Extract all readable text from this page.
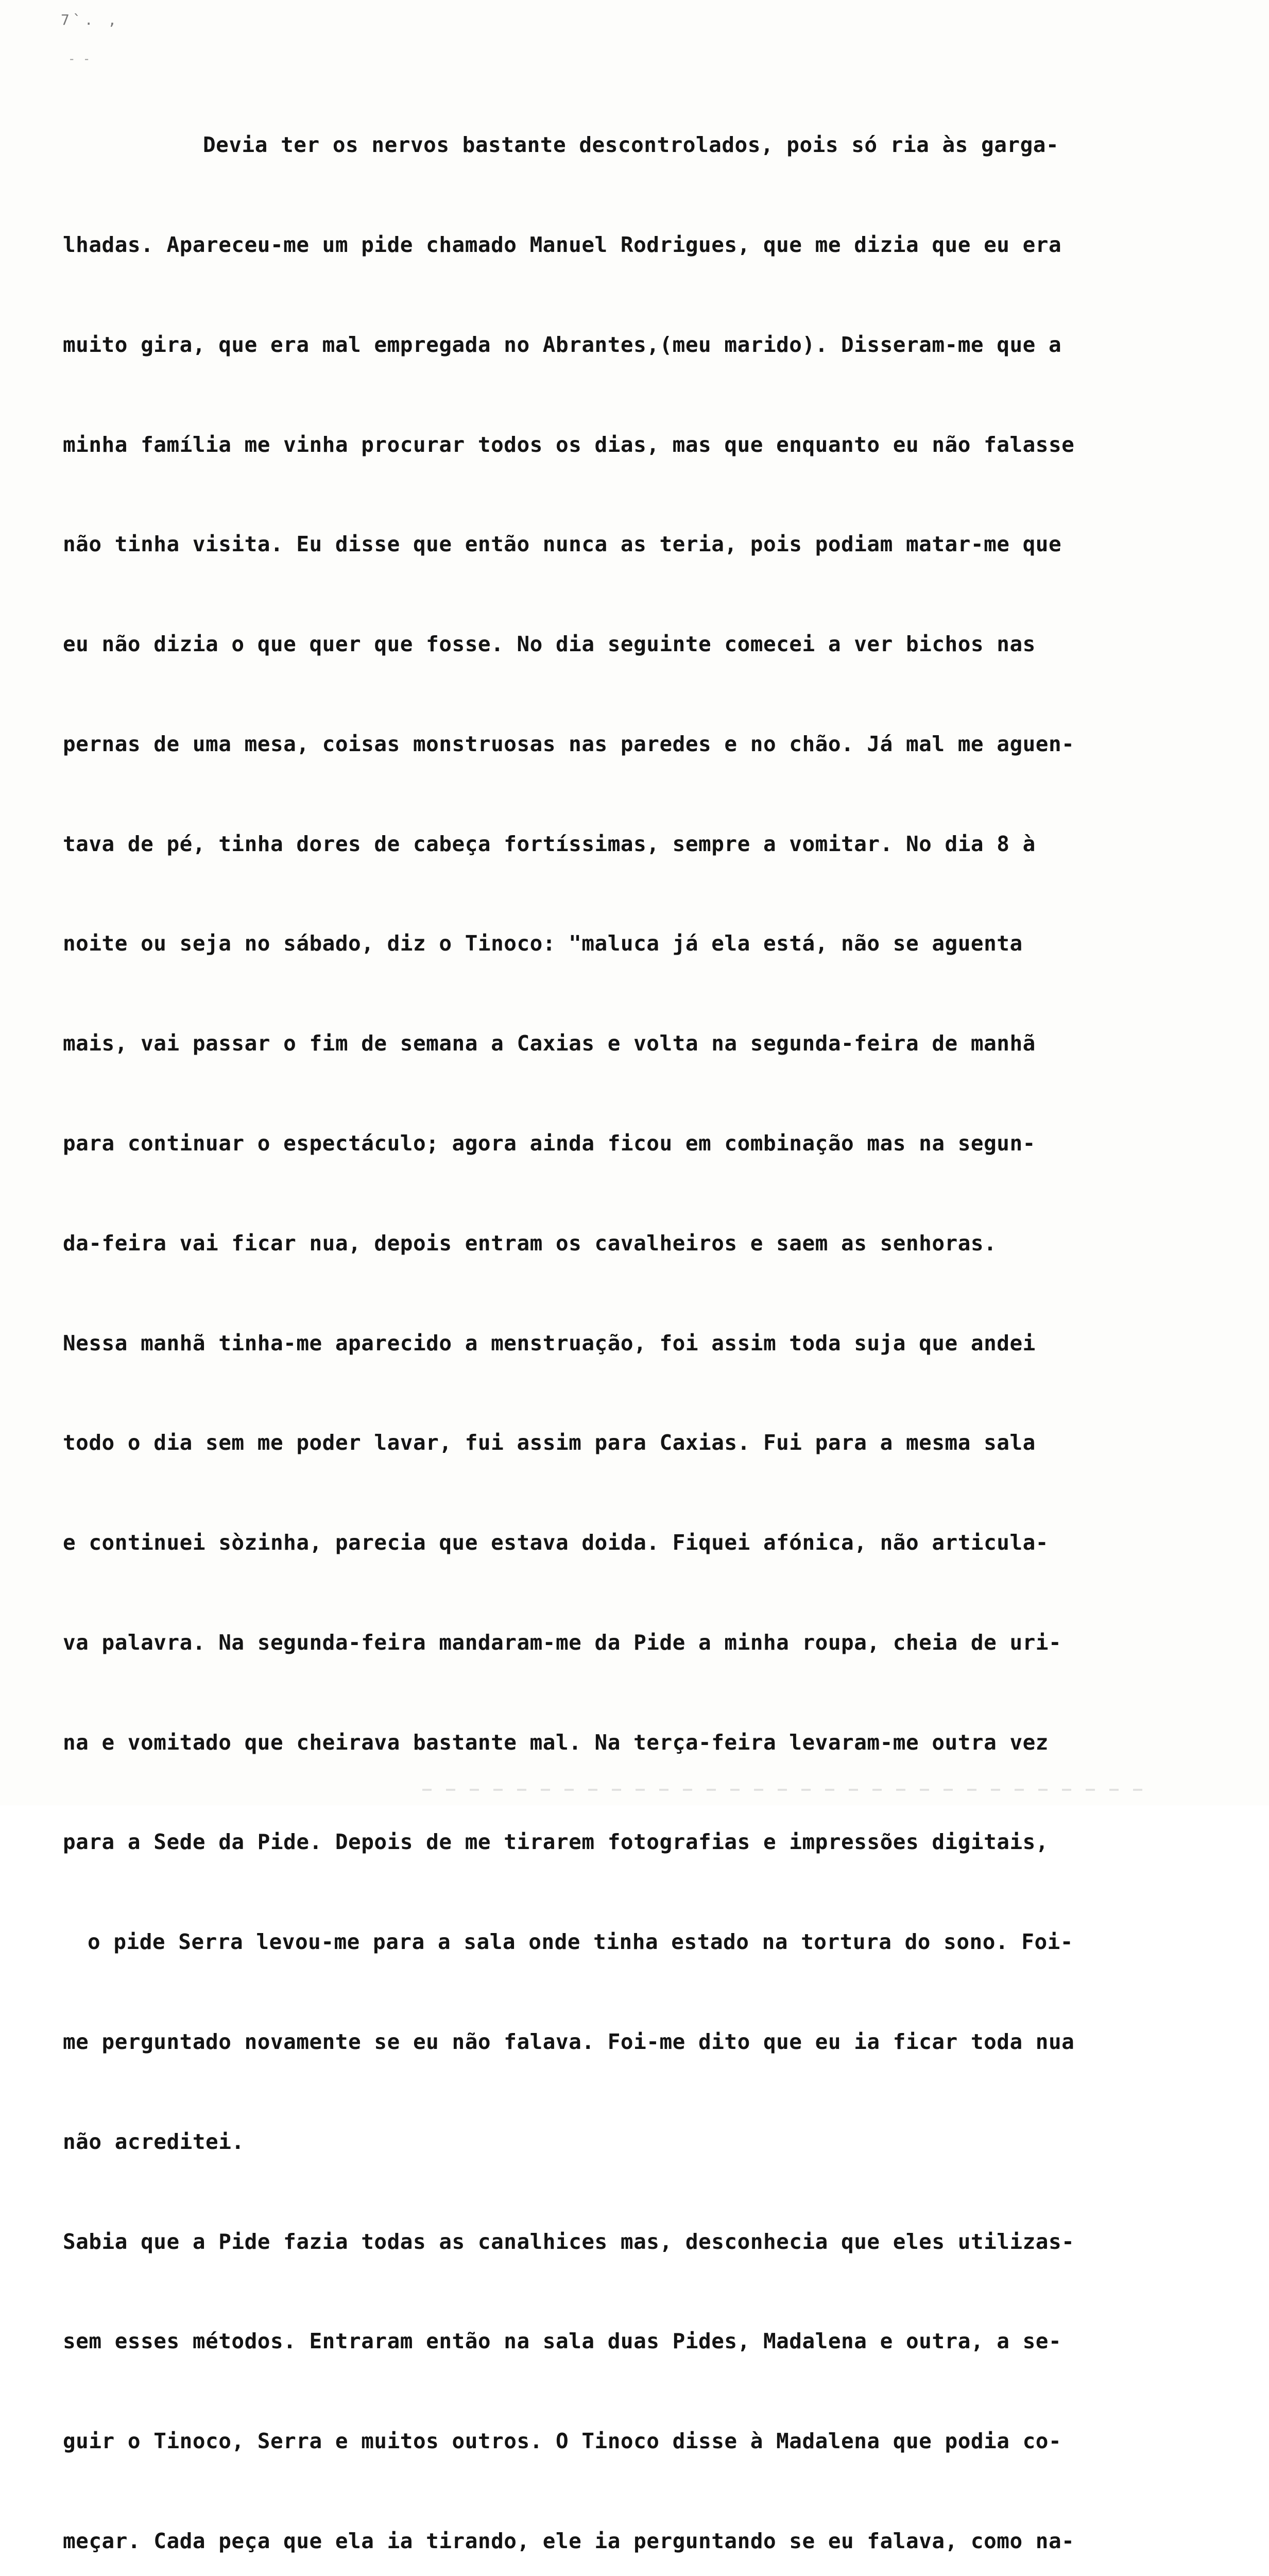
7`. ,
- -

Devia ter os nervos bastante descontrolados, pois só ria às garga-

lhadas. Apareceu-me um pide chamado Manuel Rodrigues, que me dizia que eu era

muito gira, que era mal empregada no Abrantes,(meu marido). Disseram-me que a

minha família me vinha procurar todos os dias, mas que enquanto eu não falasse

não tinha visita. Eu disse que então nunca as teria, pois podiam matar-me que

eu não dizia o que quer que fosse. No dia seguinte comecei a ver bichos nas

pernas de uma mesa, coisas monstruosas nas paredes e no chão. Já mal me aguen-

tava de pé, tinha dores de cabeça fortíssimas, sempre a vomitar. No dia 8 à

noite ou seja no sábado, diz o Tinoco: "maluca já ela está, não se aguenta

mais, vai passar o fim de semana a Caxias e volta na segunda-feira de manhã

para continuar o espectáculo; agora ainda ficou em combinação mas na segun-

da-feira vai ficar nua, depois entram os cavalheiros e saem as senhoras.

Nessa manhã tinha-me aparecido a menstruação, foi assim toda suja que andei

todo o dia sem me poder lavar, fui assim para Caxias. Fui para a mesma sala

e continuei sòzinha, parecia que estava doida. Fiquei afónica, não articula-

va palavra. Na segunda-feira mandaram-me da Pide a minha roupa, cheia de uri-

na e vomitado que cheirava bastante mal. Na terça-feira levaram-me outra vez

para a Sede da Pide. Depois de me tirarem fotografias e impressões digitais,

o pide Serra levou-me para a sala onde tinha estado na tortura do sono. Foi-

me perguntado novamente se eu não falava. Foi-me dito que eu ia ficar toda nua

não acreditei.

Sabia que a Pide fazia todas as canalhices mas, desconhecia que eles utilizas-

sem esses métodos. Entraram então na sala duas Pides, Madalena e outra, a se-

guir o Tinoco, Serra e muitos outros. O Tinoco disse à Madalena que podia co-

meçar. Cada peça que ela ia tirando, ele ia perguntando se eu falava, como na-
